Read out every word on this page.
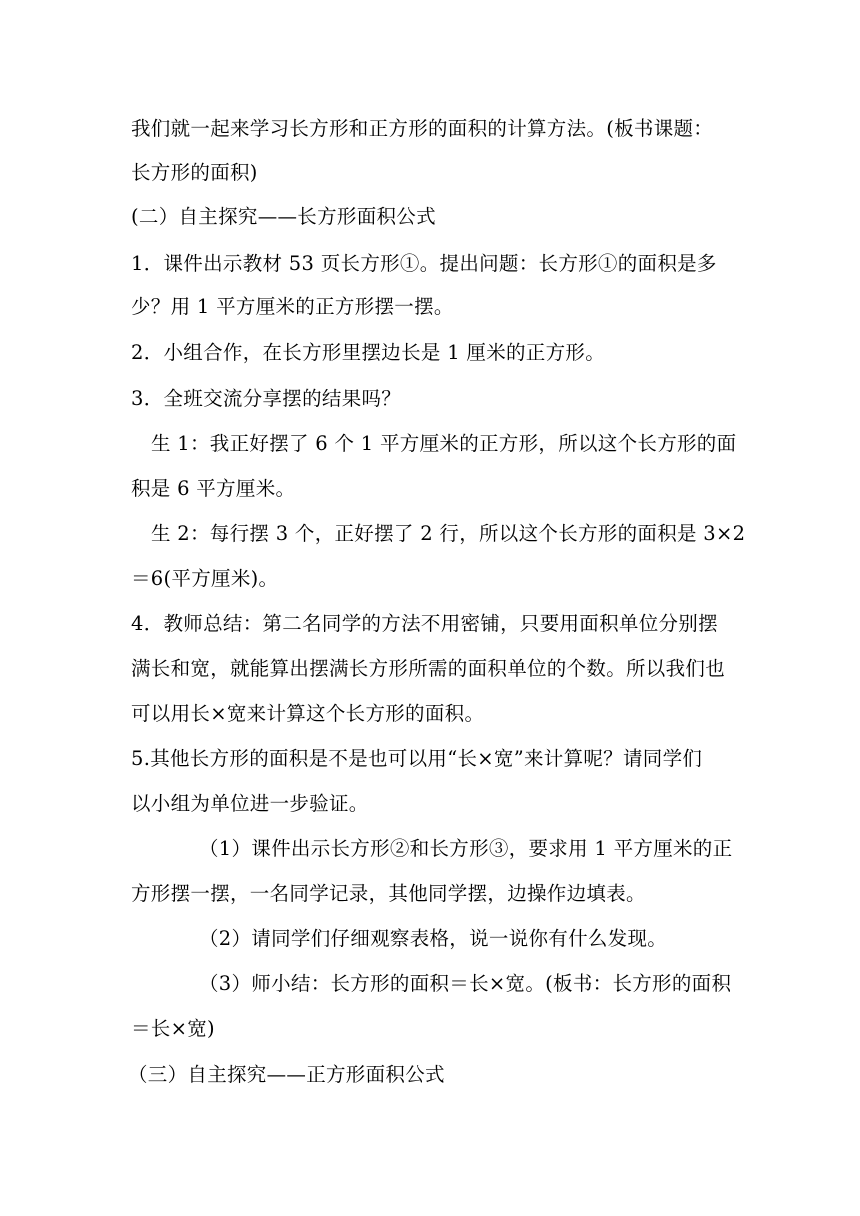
我们就一起来学习长方形和正方形的面积的计算方法。(板书课题：
长方形的面积)
(二）自主探究——长方形面积公式
1．课件出示教材 53 页长方形①。提出问题：长方形①的面积是多
少？用 1 平方厘米的正方形摆一摆。
2．小组合作，在长方形里摆边长是 1 厘米的正方形。
3．全班交流分享摆的结果吗？
生 1：我正好摆了 6 个 1 平方厘米的正方形，所以这个长方形的面
积是 6 平方厘米。
生 2：每行摆 3 个，正好摆了 2 行，所以这个长方形的面积是 3×2
＝6(平方厘米)。
4．教师总结：第二名同学的方法不用密铺，只要用面积单位分别摆
满长和宽，就能算出摆满长方形所需的面积单位的个数。所以我们也
可以用长×宽来计算这个长方形的面积。
5.其他长方形的面积是不是也可以用“长×宽”来计算呢？请同学们
以小组为单位进一步验证。
（1）课件出示长方形②和长方形③，要求用 1 平方厘米的正
方形摆一摆，一名同学记录，其他同学摆，边操作边填表。
（2）请同学们仔细观察表格，说一说你有什么发现。
（3）师小结：长方形的面积＝长×宽。(板书：长方形的面积
＝长×宽)
（三）自主探究——正方形面积公式
